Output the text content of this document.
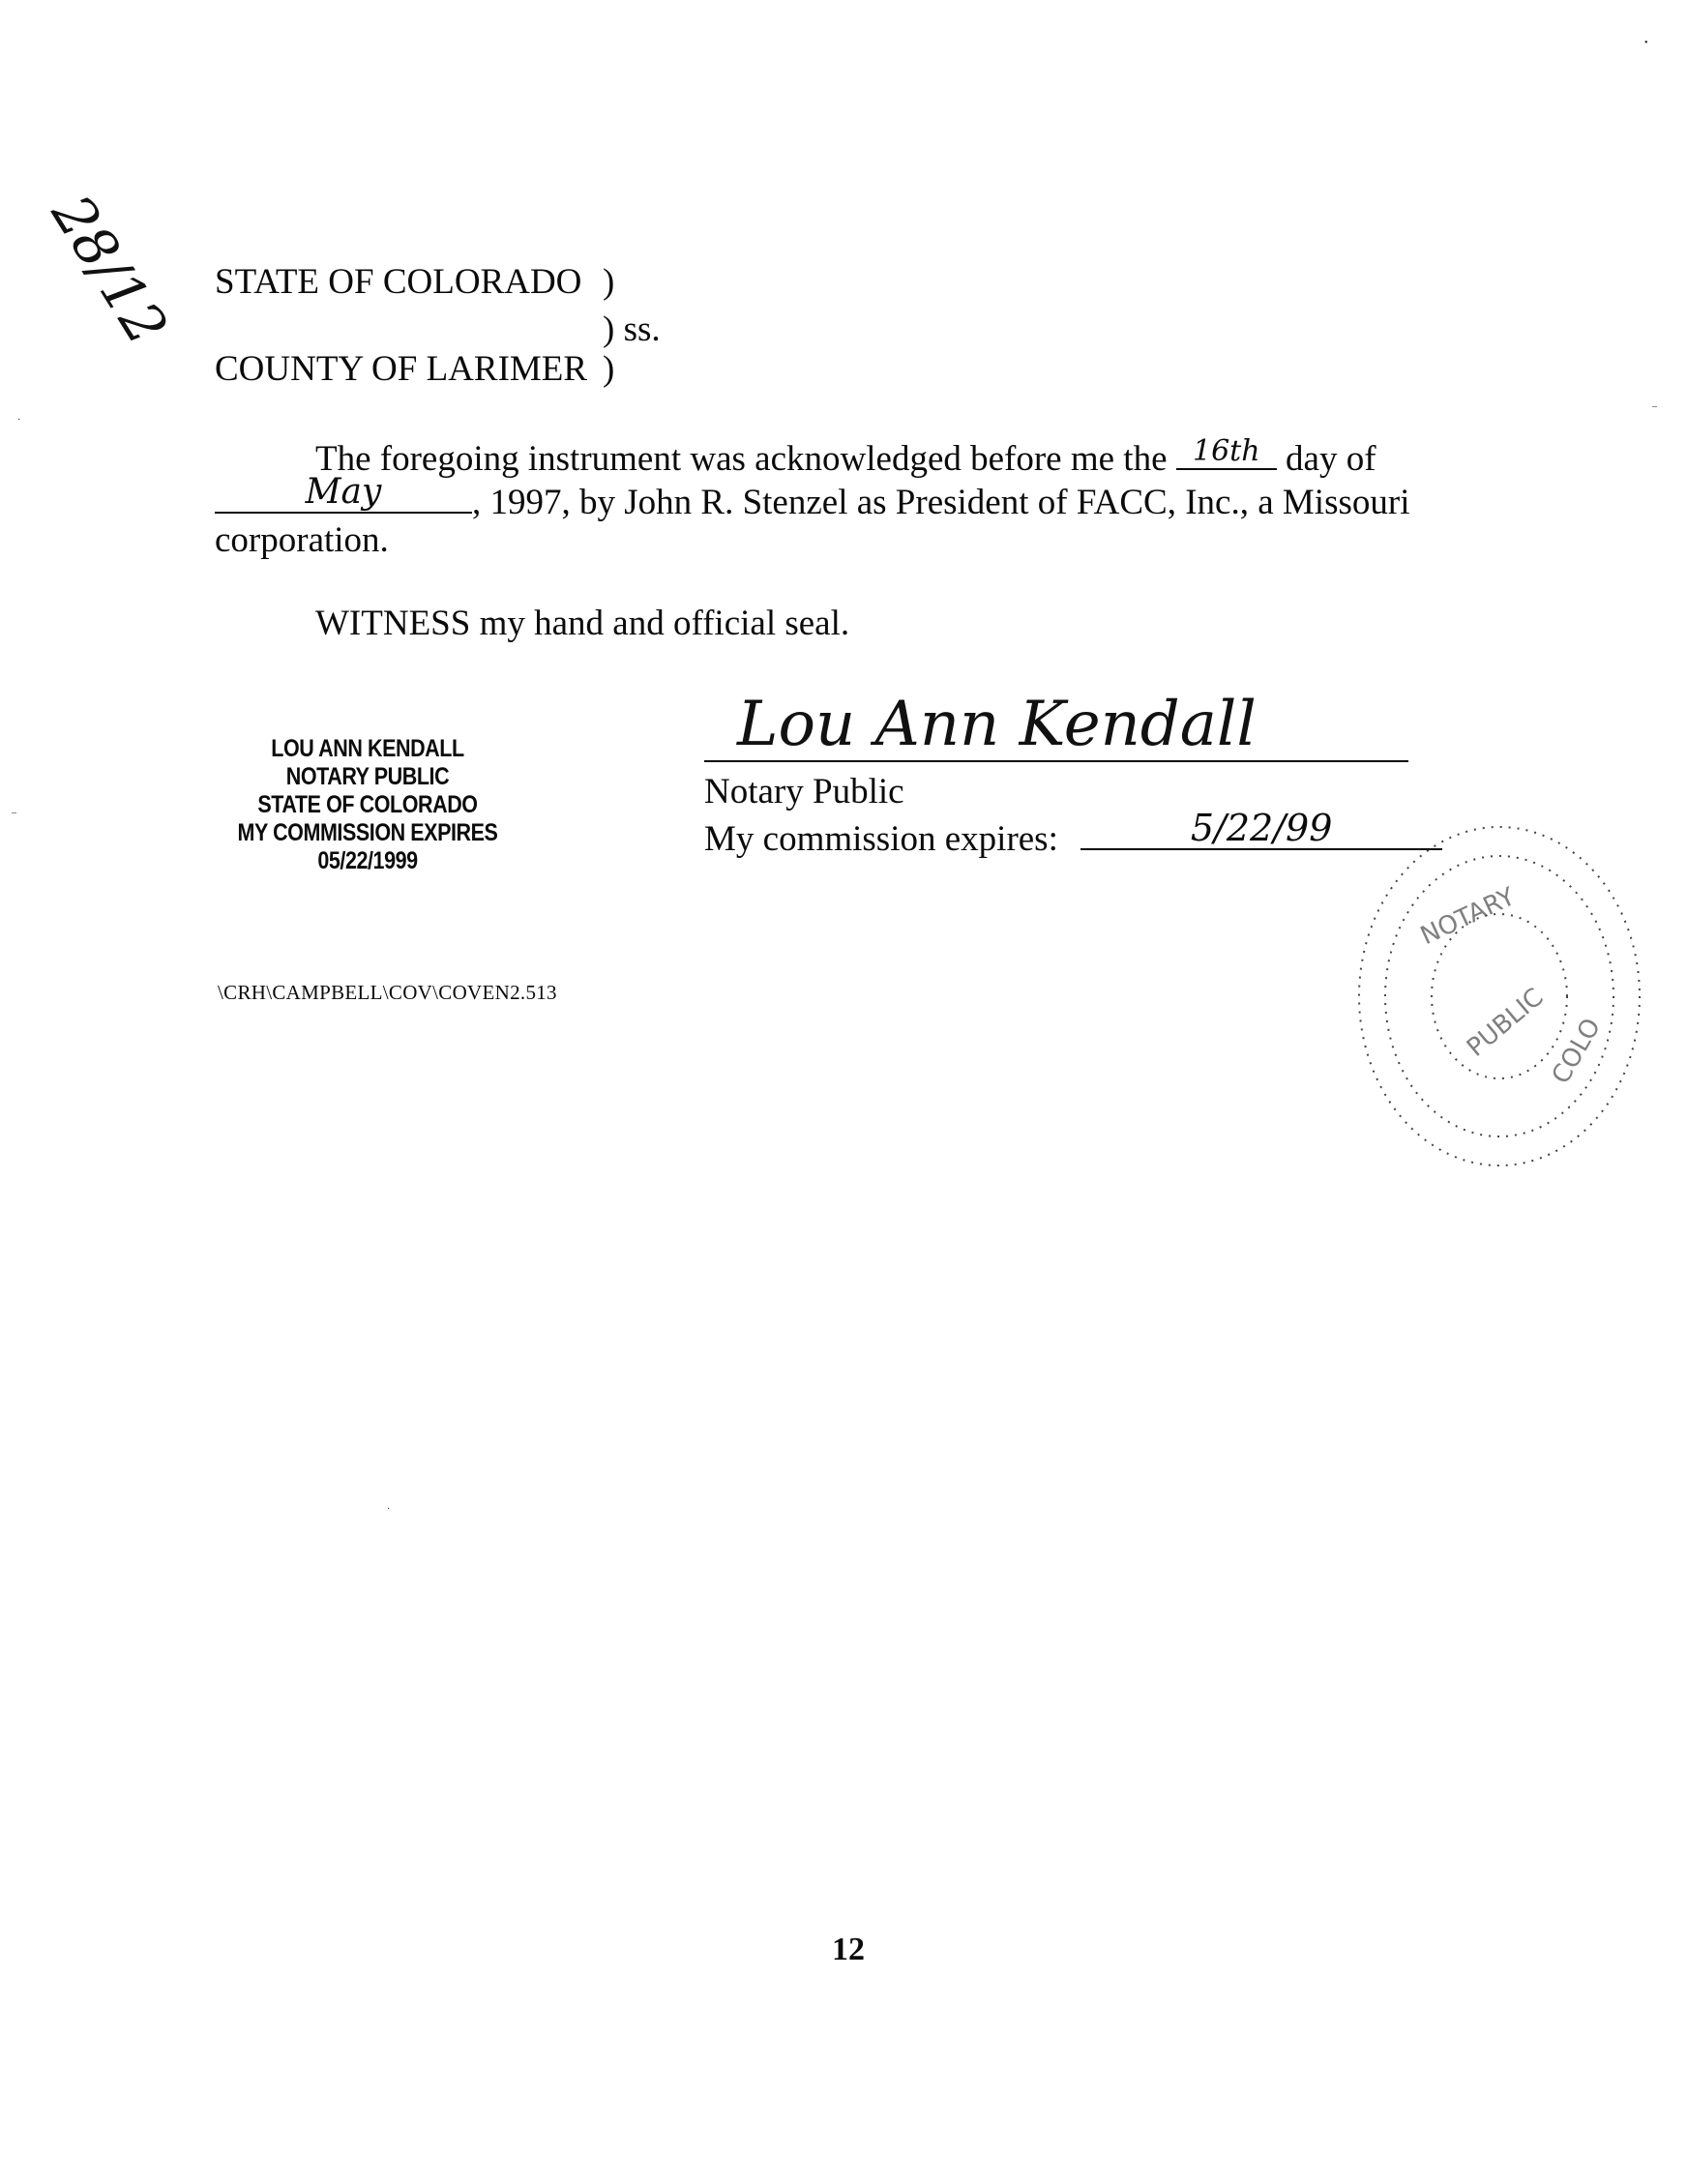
28/12 STATE OF COLORADO )
) ss.
COUNTY OF LARIMER )
The foregoing instrument was acknowledged before me the 16th day of
May	, 1997, by John R. Stenzel as President of FACC, Inc., a Missouri
corporation.
WITNESS my hand and official seal.
LOU ANN KENDALL
NOTARY PUBLIC
STATE OF COLORADO
MY COMMISSION EXPIRES
05/22/1999
Lou Ann Kendall
Notary Public
My commission expires:	5/22/99
\CRH\CAMPBELL\COV\COVEN2.513
NOTARY
PUBLIC
COLO
12
•
·
–
–
·
